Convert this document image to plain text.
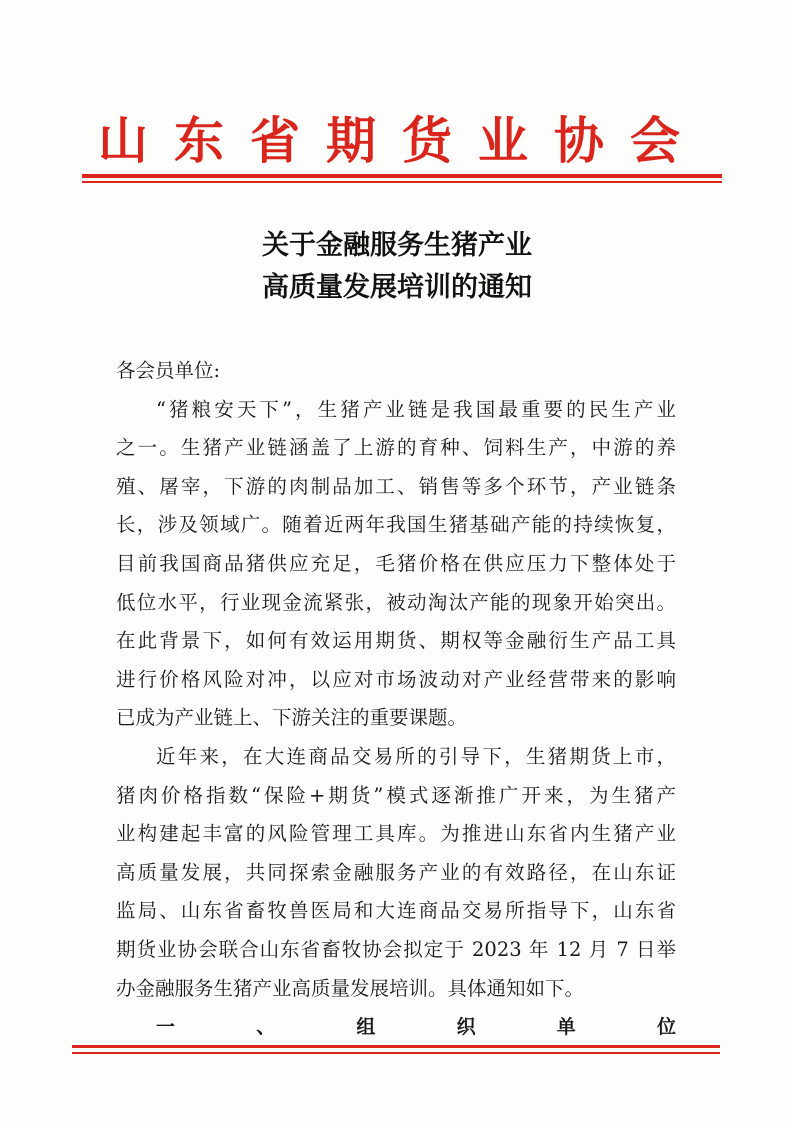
山东省期货业协会
关于金融服务生猪产业
高质量发展培训的通知

各会员单位:

“猪粮安天下”，生猪产业链是我国最重要的民生产业

之一。生猪产业链涵盖了上游的育种、饲料生产，中游的养

殖、屠宰，下游的肉制品加工、销售等多个环节，产业链条

长，涉及领域广。随着近两年我国生猪基础产能的持续恢复，

目前我国商品猪供应充足，毛猪价格在供应压力下整体处于

低位水平，行业现金流紧张，被动淘汰产能的现象开始突出。

在此背景下，如何有效运用期货、期权等金融衍生产品工具

进行价格风险对冲，以应对市场波动对产业经营带来的影响

已成为产业链上、下游关注的重要课题。

近年来，在大连商品交易所的引导下，生猪期货上市，

猪肉价格指数“保险+期货”模式逐渐推广开来，为生猪产

业构建起丰富的风险管理工具库。为推进山东省内生猪产业

高质量发展，共同探索金融服务产业的有效路径，在山东证

监局、山东省畜牧兽医局和大连商品交易所指导下，山东省

期货业协会联合山东省畜牧协会拟定于 2023 年 12 月 7 日举

办金融服务生猪产业高质量发展培训。具体通知如下。

一、组织单位
